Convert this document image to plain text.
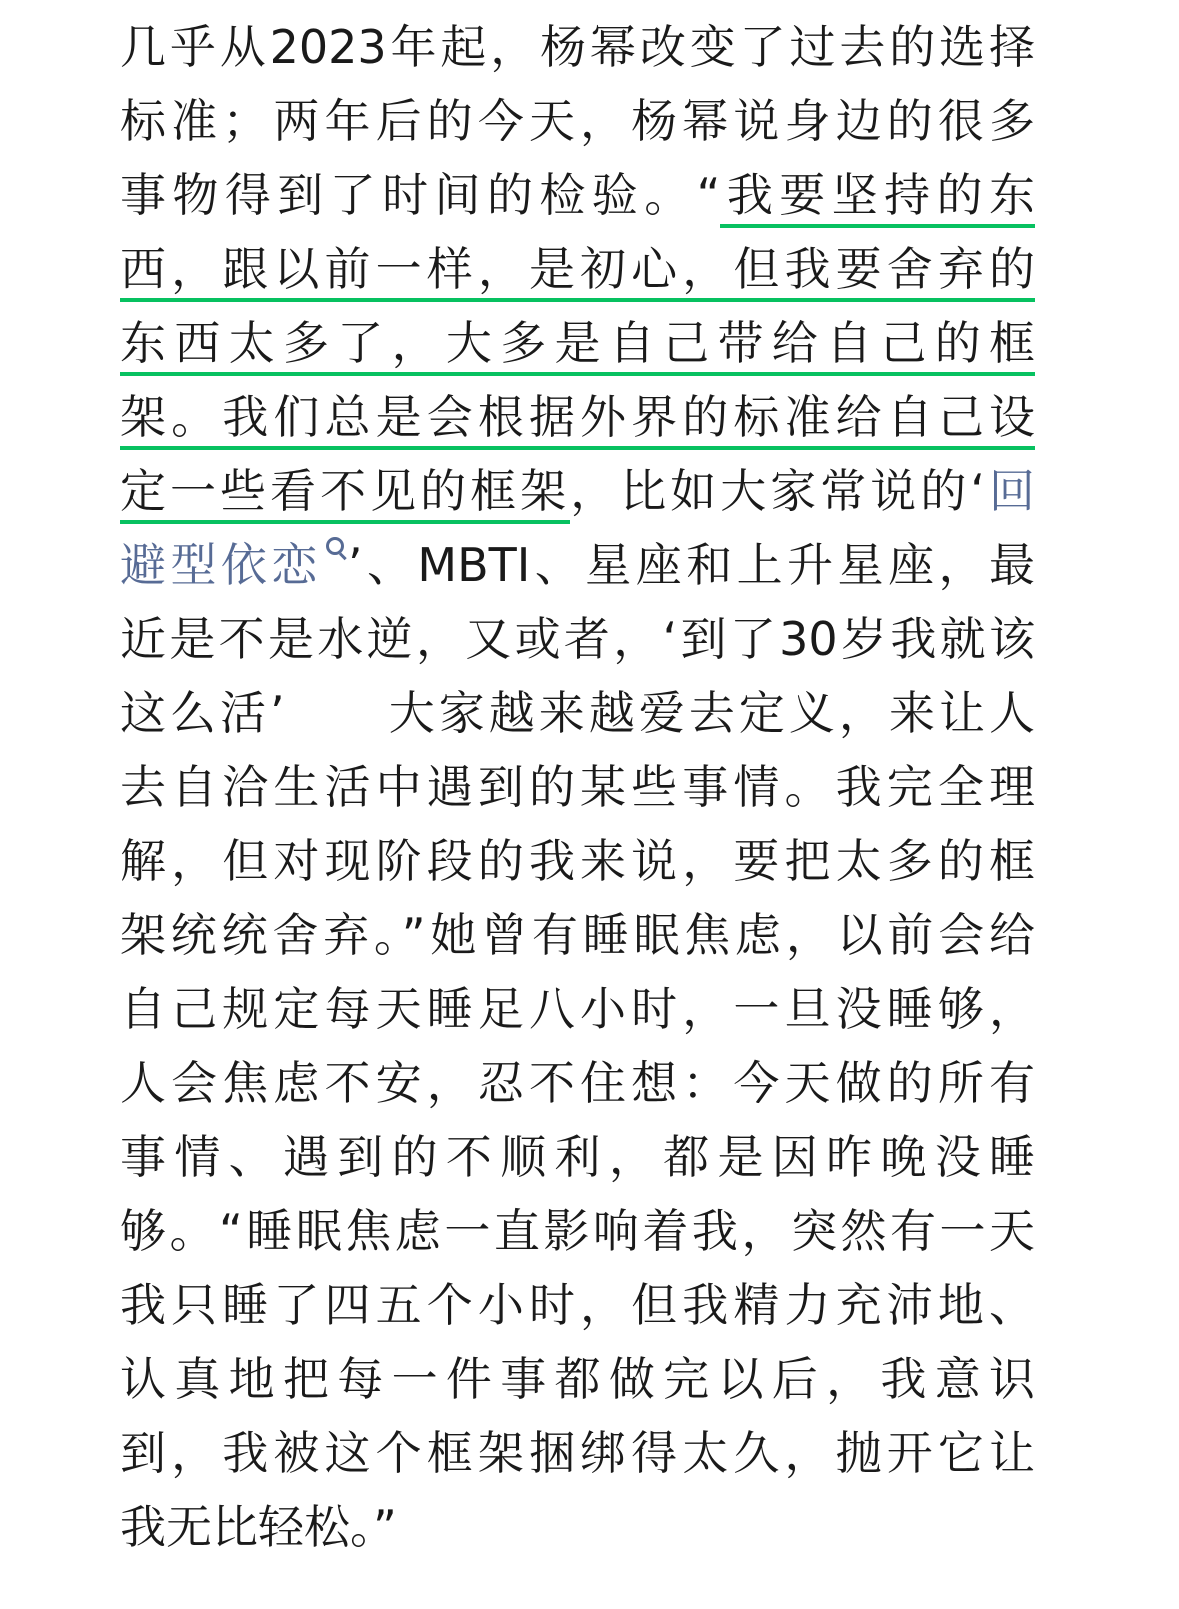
几乎从2023年起，杨幂改变了过去的选择
标准；两年后的今天，杨幂说身边的很多
事物得到了时间的检验。“我要坚持的东
西，跟以前一样，是初心，但我要舍弃的
东西太多了，大多是自己带给自己的框
架。我们总是会根据外界的标准给自己设
定一些看不见的框架，比如大家常说的‘回
避型依恋 ’、MBTI、星座和上升星座，最
近是不是水逆，又或者，‘到了30岁我就该
这么活’　　大家越来越爱去定义，来让人
去自洽生活中遇到的某些事情。我完全理
解，但对现阶段的我来说，要把太多的框
架统统舍弃。”她曾有睡眠焦虑，以前会给
自己规定每天睡足八小时，一旦没睡够，
人会焦虑不安，忍不住想：今天做的所有
事情、遇到的不顺利，都是因昨晚没睡
够。“睡眠焦虑一直影响着我，突然有一天
我只睡了四五个小时，但我精力充沛地、
认真地把每一件事都做完以后，我意识
到，我被这个框架捆绑得太久，抛开它让
我无比轻松。”
